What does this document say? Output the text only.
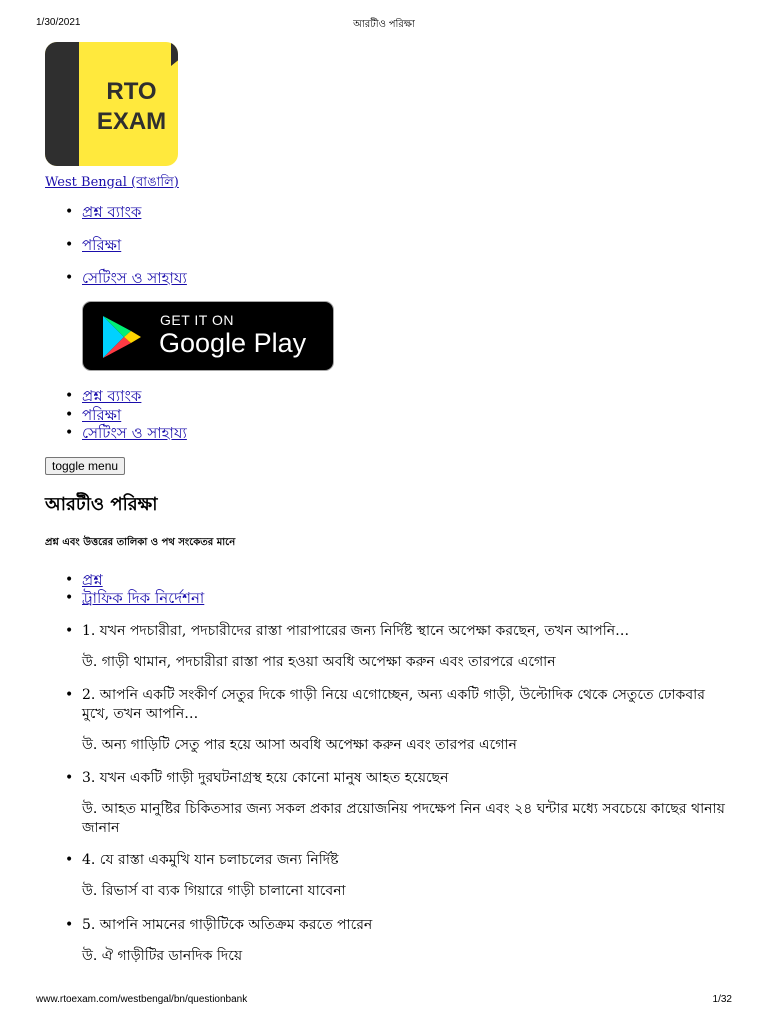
1/30/2021	আরটীও পরিক্ষা
RTO
EXAM
West Bengal (বাঙালি)
• প্রশ্ন ব্যাংক
• পরিক্ষা
• সেটিংস ও সাহায্য
GET IT ON
Google Play
• প্রশ্ন ব্যাংক
• পরিক্ষা
• সেটিংস ও সাহায্য
toggle menu
আরটীও পরিক্ষা
প্রশ্ন এবং উত্তরের তালিকা ও পথ সংকেতর মানে
• প্রশ্ন
• ট্রাফিক দিক নির্দেশনা
• 1. যখন পদচারীরা, পদচারীদের রাস্তা পারাপারের জন্য নির্দিষ্ট স্থানে অপেক্ষা করছেন, তখন আপনি…
উ. গাড়ী থামান, পদচারীরা রাস্তা পার হওয়া অবধি অপেক্ষা করুন এবং তারপরে এগোন
• 2. আপনি একটি সংকীর্ণ সেতুর দিকে গাড়ী নিয়ে এগোচ্ছেন, অন্য একটি গাড়ী, উল্টোদিক থেকে সেতুতে ঢোকবার মুখে, তখন আপনি…
উ. অন্য গাড়িটি সেতু পার হয়ে আসা অবধি অপেক্ষা করুন এবং তারপর এগোন
• 3. যখন একটি গাড়ী দুরঘটনাগ্রস্থ হয়ে কোনো মানুষ আহত হয়েছেন
উ. আহত মানুষ্টির চিকিতসার জন্য সকল প্রকার প্রয়োজনিয় পদক্ষেপ নিন এবং ২৪ ঘন্টার মধ্যে সবচেয়ে কাছের থানায় জানান
• 4. যে রাস্তা একমুখি যান চলাচলের জন্য নির্দিষ্ট
উ. রিভার্স বা ব্যক গিয়ারে গাড়ী চালানো যাবেনা
• 5. আপনি সামনের গাড়ীটিকে অতিক্রম করতে পারেন
উ. ঐ গাড়ীটির ডানদিক দিয়ে
www.rtoexam.com/westbengal/bn/questionbank	1/32
